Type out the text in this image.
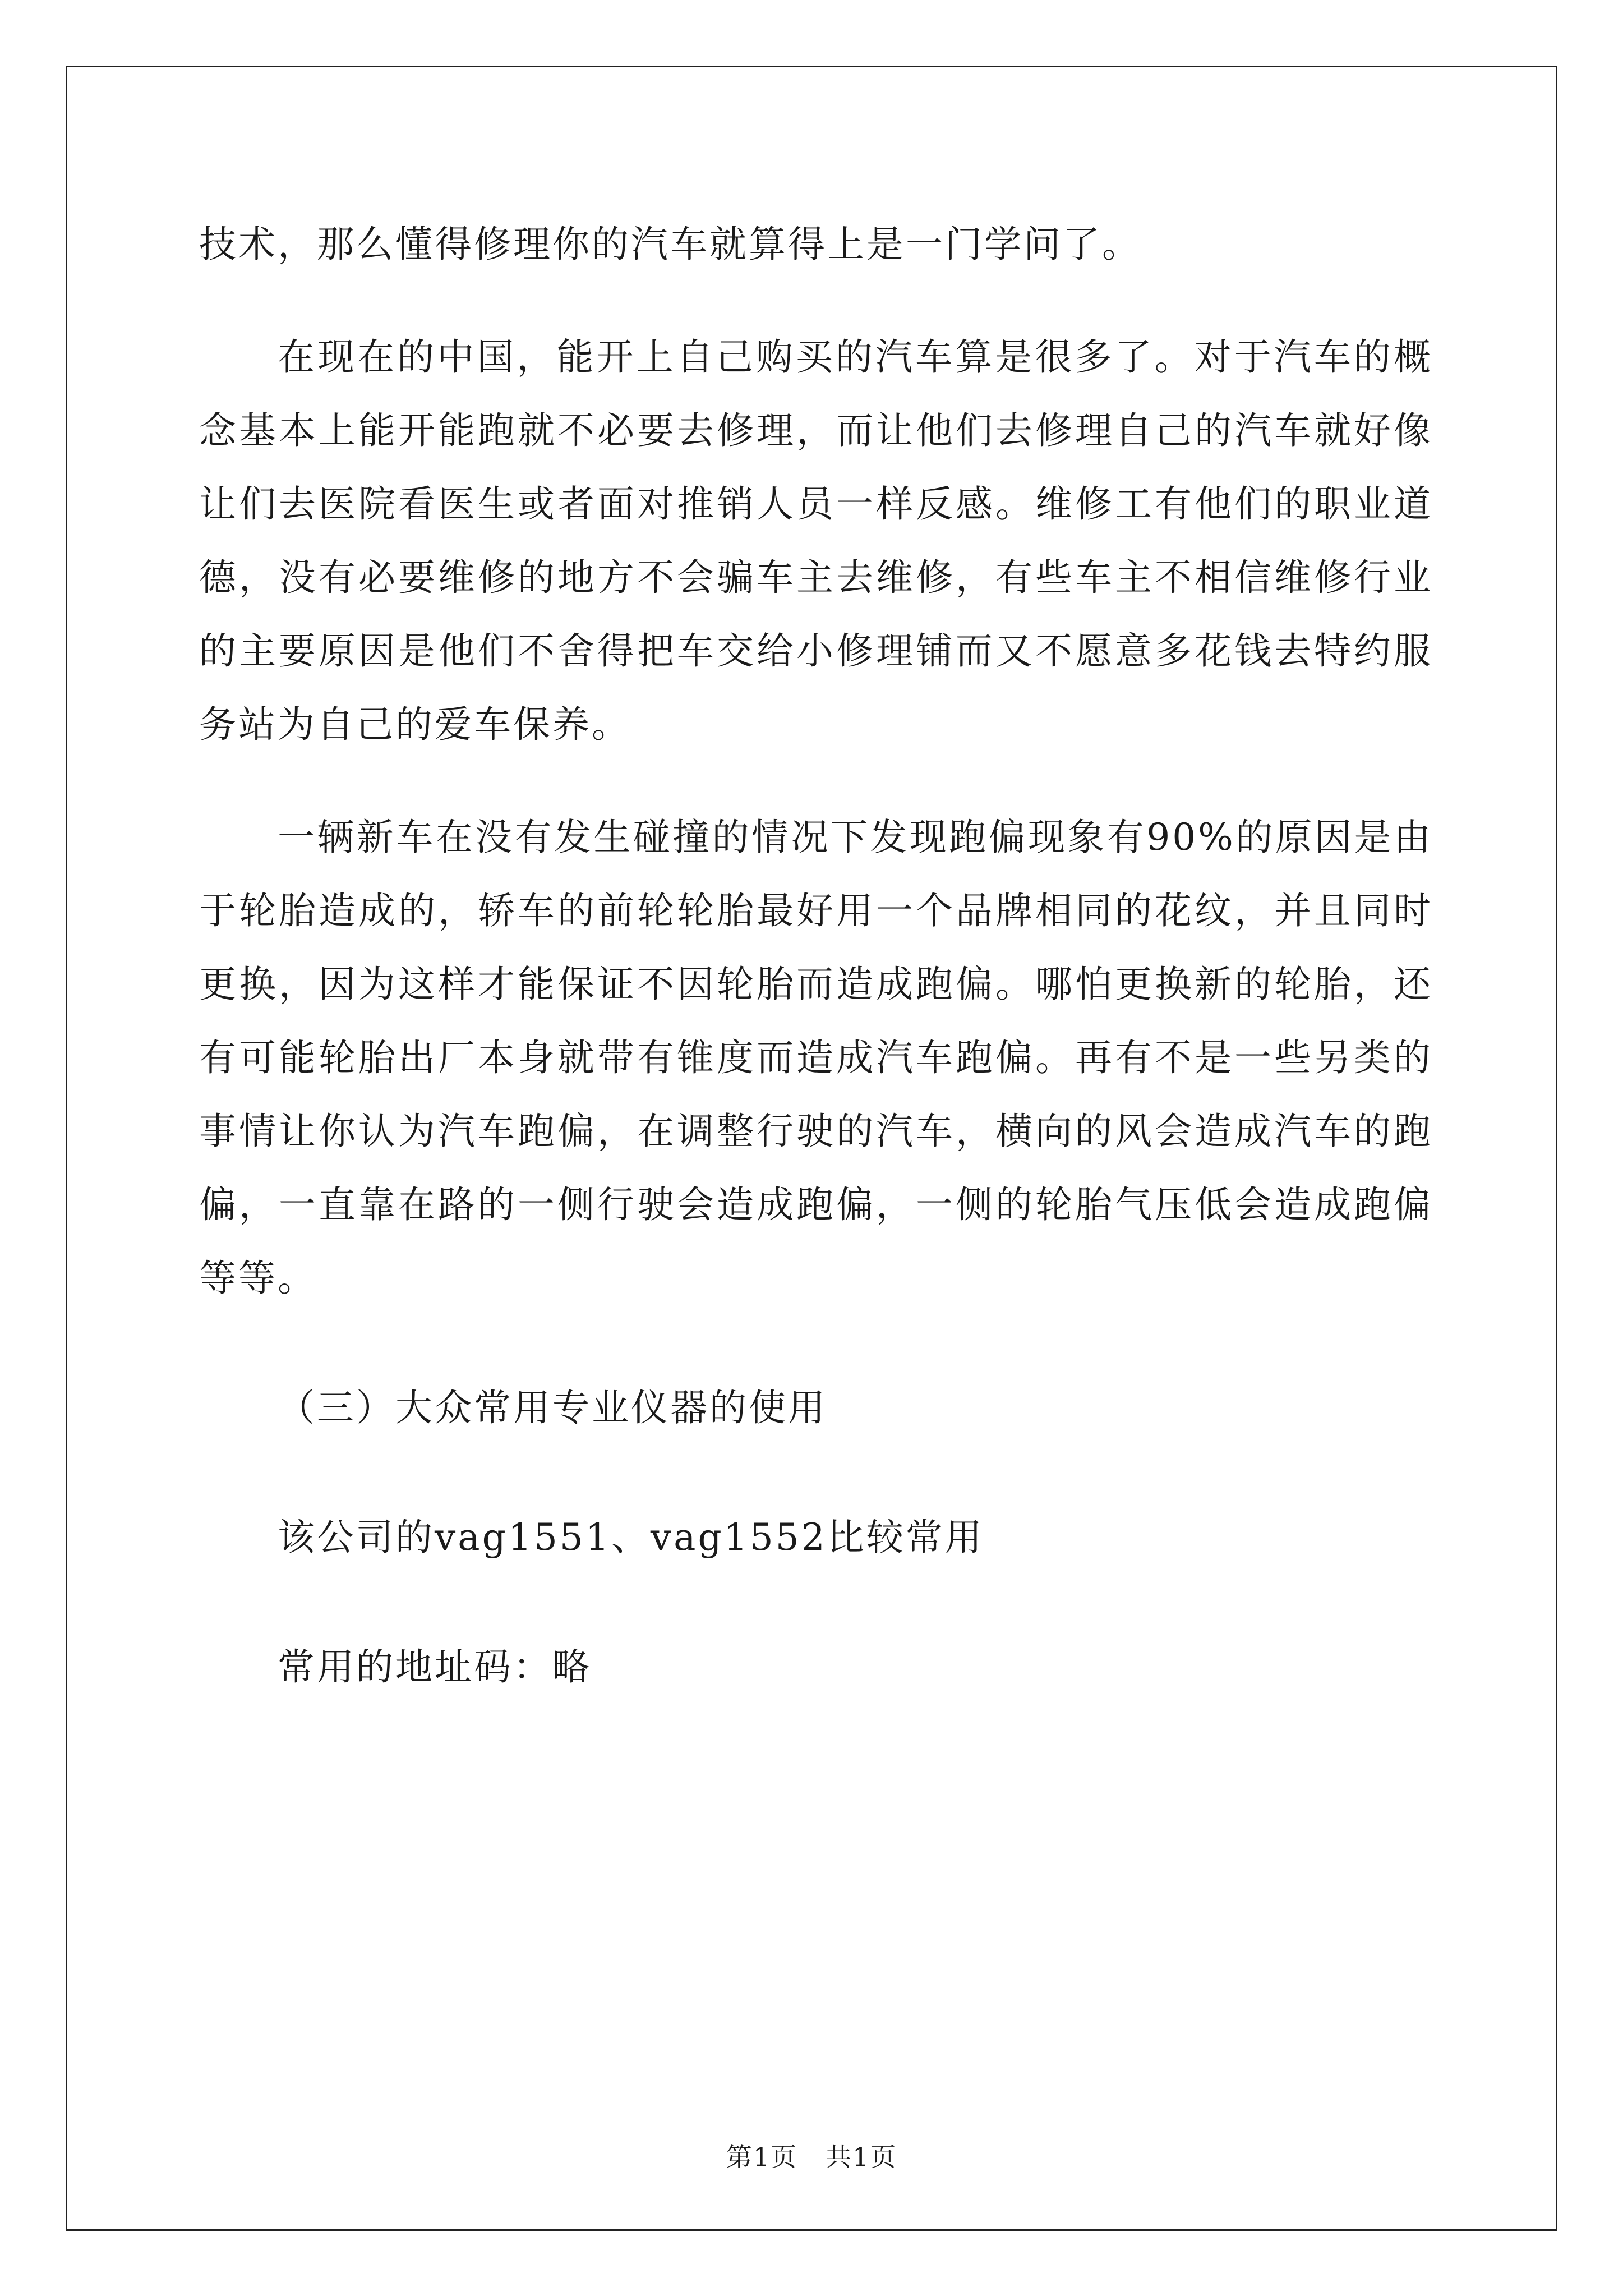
技术，那么懂得修理你的汽车就算得上是一门学问了。

在现在的中国，能开上自己购买的汽车算是很多了。对于汽车的概念基本上能开能跑就不必要去修理，而让他们去修理自己的汽车就好像让们去医院看医生或者面对推销人员一样反感。维修工有他们的职业道德，没有必要维修的地方不会骗车主去维修，有些车主不相信维修行业的主要原因是他们不舍得把车交给小修理铺而又不愿意多花钱去特约服务站为自己的爱车保养。

一辆新车在没有发生碰撞的情况下发现跑偏现象有90%的原因是由于轮胎造成的，轿车的前轮轮胎最好用一个品牌相同的花纹，并且同时更换，因为这样才能保证不因轮胎而造成跑偏。哪怕更换新的轮胎，还有可能轮胎出厂本身就带有锥度而造成汽车跑偏。再有不是一些另类的事情让你认为汽车跑偏，在调整行驶的汽车，横向的风会造成汽车的跑偏，一直靠在路的一侧行驶会造成跑偏，一侧的轮胎气压低会造成跑偏等等。

（三）大众常用专业仪器的使用

该公司的vag1551、vag1552比较常用

常用的地址码：略

第1页 共1页
